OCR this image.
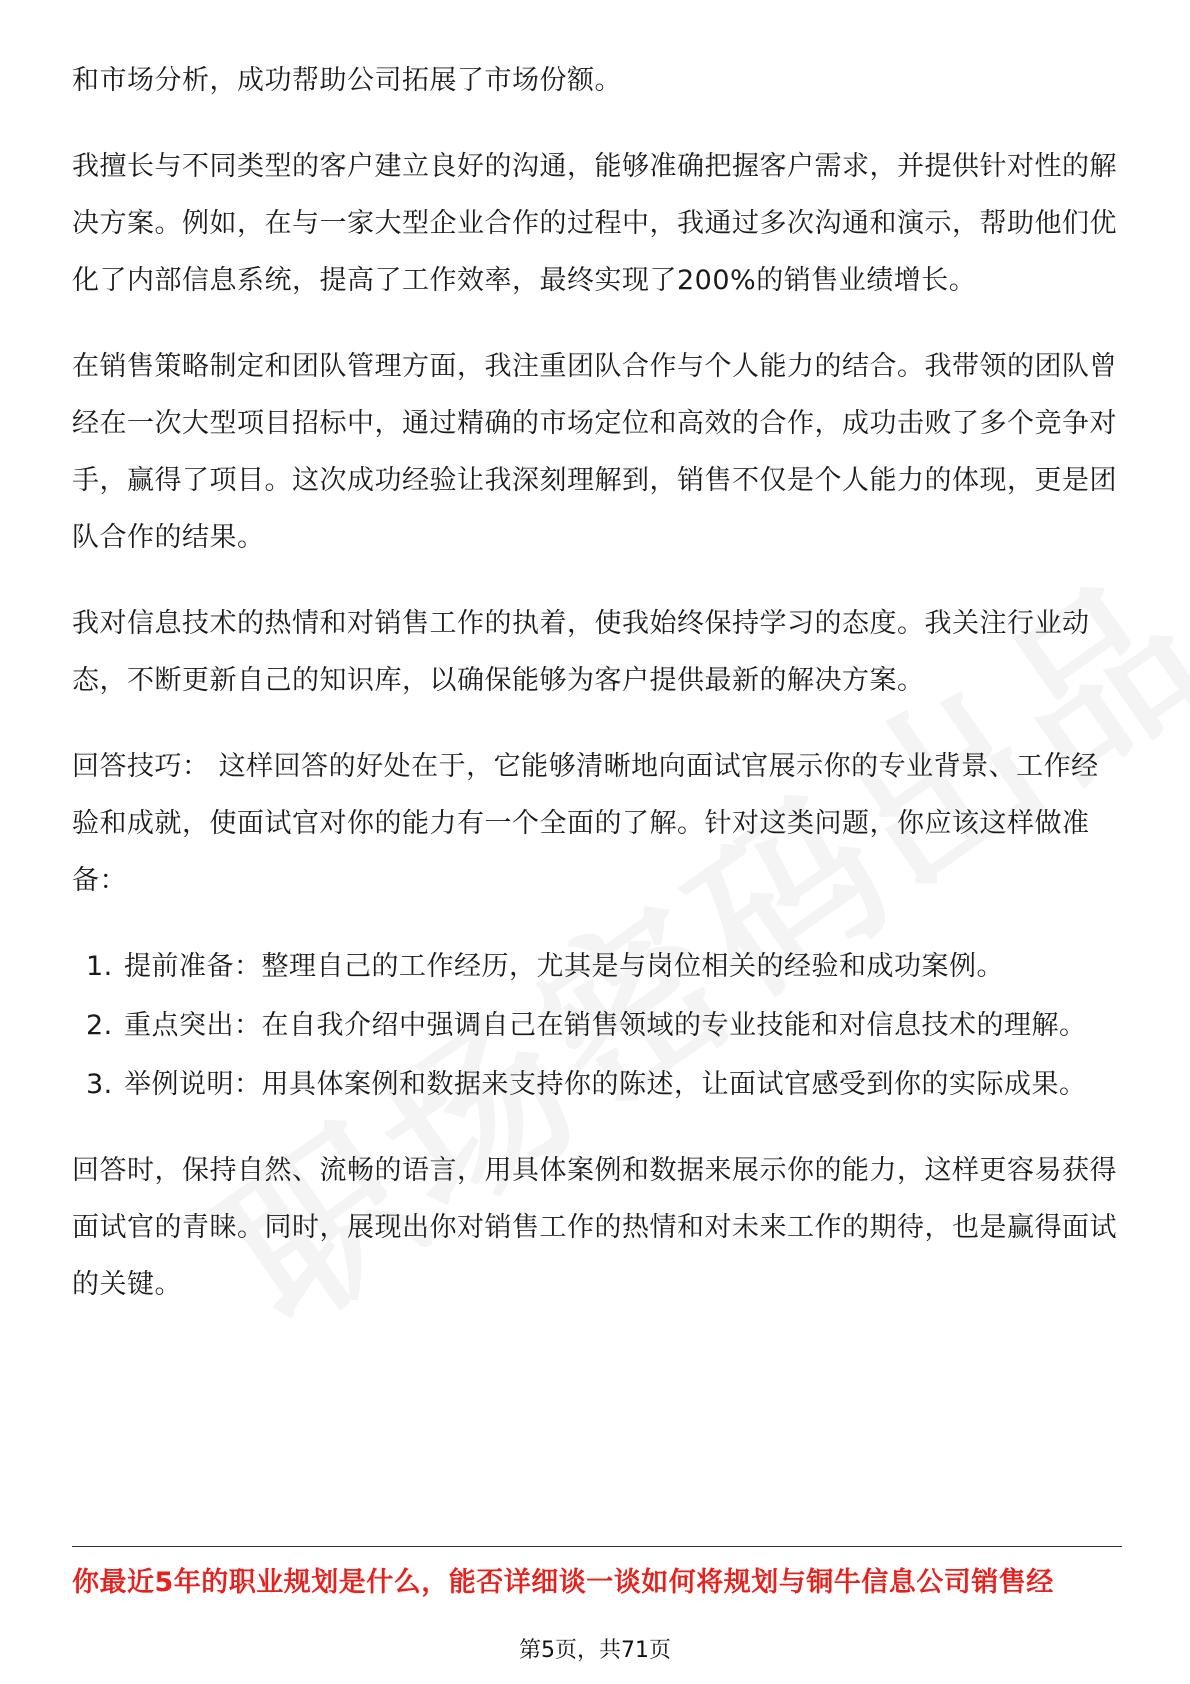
和市场分析，成功帮助公司拓展了市场份额。

我擅长与不同类型的客户建立良好的沟通，能够准确把握客户需求，并提供针对性的解决方案。例如，在与一家大型企业合作的过程中，我通过多次沟通和演示，帮助他们优化了内部信息系统，提高了工作效率，最终实现了200%的销售业绩增长。

在销售策略制定和团队管理方面，我注重团队合作与个人能力的结合。我带领的团队曾经在一次大型项目招标中，通过精确的市场定位和高效的合作，成功击败了多个竞争对手，赢得了项目。这次成功经验让我深刻理解到，销售不仅是个人能力的体现，更是团队合作的结果。

我对信息技术的热情和对销售工作的执着，使我始终保持学习的态度。我关注行业动态，不断更新自己的知识库，以确保能够为客户提供最新的解决方案。

回答技巧： 这样回答的好处在于，它能够清晰地向面试官展示你的专业背景、工作经验和成就，使面试官对你的能力有一个全面的了解。针对这类问题，你应该这样做准备：

1. 提前准备：整理自己的工作经历，尤其是与岗位相关的经验和成功案例。
2. 重点突出：在自我介绍中强调自己在销售领域的专业技能和对信息技术的理解。
3. 举例说明：用具体案例和数据来支持你的陈述，让面试官感受到你的实际成果。

回答时，保持自然、流畅的语言，用具体案例和数据来展示你的能力，这样更容易获得面试官的青睐。同时，展现出你对销售工作的热情和对未来工作的期待，也是赢得面试的关键。

你最近5年的职业规划是什么，能否详细谈一谈如何将规划与铜牛信息公司销售经
第5页，共71页
